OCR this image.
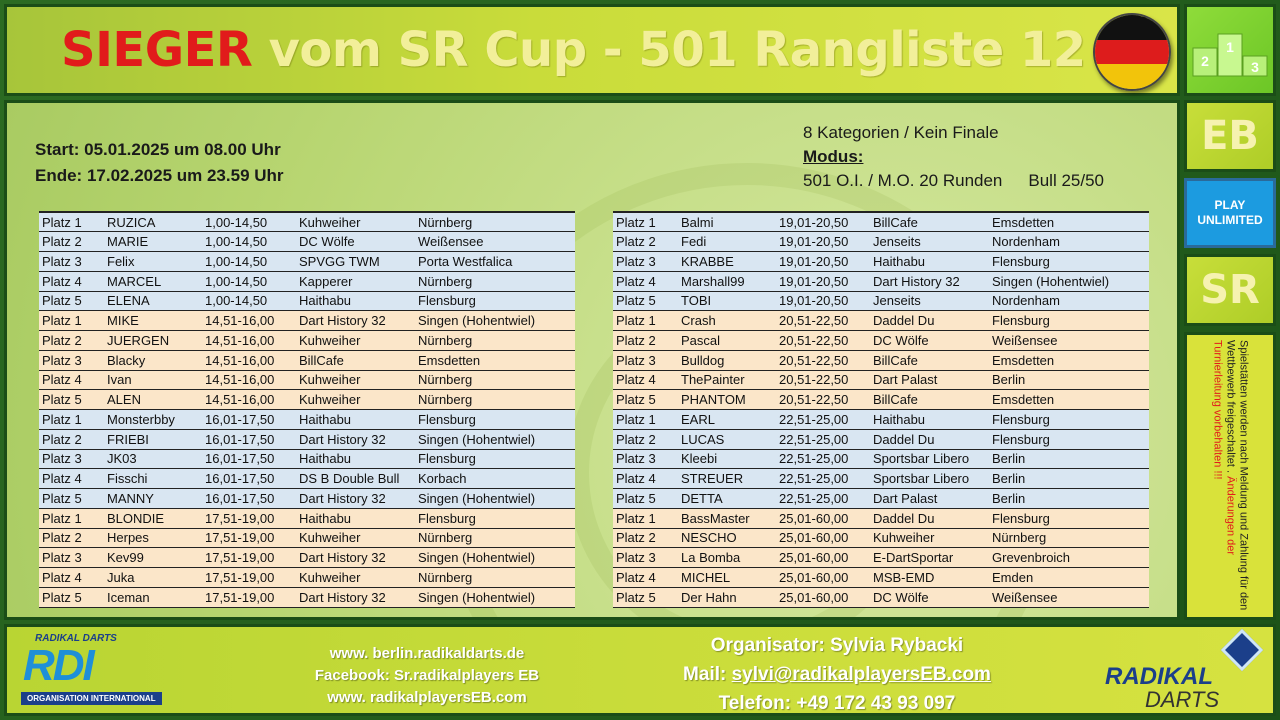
SIEGER vom SR Cup - 501 Rangliste 12	2
1
3
EB
PLAY
UNLIMITED
SR
Spielstätten werden nach Meldung und Zahlung für den Wettbewerb freigeschaltet . Änderungen der Turnierleitung vorbehalten !!!
Start: 05.01.2025 um 08.00 Uhr
Ende: 17.02.2025 um 23.59 Uhr
8 Kategorien / Kein Finale
Modus:
501 O.I. / M.O. 20 Runden Bull 25/50
Platz 1	RUZICA	1,00-14,50	Kuhweiher	Nürnberg
Platz 2	MARIE	1,00-14,50	DC Wölfe	Weißensee
Platz 3	Felix	1,00-14,50	SPVGG TWM	Porta Westfalica
Platz 4	MARCEL	1,00-14,50	Kapperer	Nürnberg
Platz 5	ELENA	1,00-14,50	Haithabu	Flensburg
Platz 1	MIKE	14,51-16,00	Dart History 32	Singen (Hohentwiel)
Platz 2	JUERGEN	14,51-16,00	Kuhweiher	Nürnberg
Platz 3	Blacky	14,51-16,00	BillCafe	Emsdetten
Platz 4	Ivan	14,51-16,00	Kuhweiher	Nürnberg
Platz 5	ALEN	14,51-16,00	Kuhweiher	Nürnberg
Platz 1	Monsterbby	16,01-17,50	Haithabu	Flensburg
Platz 2	FRIEBI	16,01-17,50	Dart History 32	Singen (Hohentwiel)
Platz 3	JK03	16,01-17,50	Haithabu	Flensburg
Platz 4	Fisschi	16,01-17,50	DS B Double Bull	Korbach
Platz 5	MANNY	16,01-17,50	Dart History 32	Singen (Hohentwiel)
Platz 1	BLONDIE	17,51-19,00	Haithabu	Flensburg
Platz 2	Herpes	17,51-19,00	Kuhweiher	Nürnberg
Platz 3	Kev99	17,51-19,00	Dart History 32	Singen (Hohentwiel)
Platz 4	Juka	17,51-19,00	Kuhweiher	Nürnberg
Platz 5	Iceman	17,51-19,00	Dart History 32	Singen (Hohentwiel)
Platz 1	Balmi	19,01-20,50	BillCafe	Emsdetten
Platz 2	Fedi	19,01-20,50	Jenseits	Nordenham
Platz 3	KRABBE	19,01-20,50	Haithabu	Flensburg
Platz 4	Marshall99	19,01-20,50	Dart History 32	Singen (Hohentwiel)
Platz 5	TOBI	19,01-20,50	Jenseits	Nordenham
Platz 1	Crash	20,51-22,50	Daddel Du	Flensburg
Platz 2	Pascal	20,51-22,50	DC Wölfe	Weißensee
Platz 3	Bulldog	20,51-22,50	BillCafe	Emsdetten
Platz 4	ThePainter	20,51-22,50	Dart Palast	Berlin
Platz 5	PHANTOM	20,51-22,50	BillCafe	Emsdetten
Platz 1	EARL	22,51-25,00	Haithabu	Flensburg
Platz 2	LUCAS	22,51-25,00	Daddel Du	Flensburg
Platz 3	Kleebi	22,51-25,00	Sportsbar Libero	Berlin
Platz 4	STREUER	22,51-25,00	Sportsbar Libero	Berlin
Platz 5	DETTA	22,51-25,00	Dart Palast	Berlin
Platz 1	BassMaster	25,01-60,00	Daddel Du	Flensburg
Platz 2	NESCHO	25,01-60,00	Kuhweiher	Nürnberg
Platz 3	La Bomba	25,01-60,00	E-DartSportar	Grevenbroich
Platz 4	MICHEL	25,01-60,00	MSB-EMD	Emden
Platz 5	Der Hahn	25,01-60,00	DC Wölfe	Weißensee
RADIKAL DARTS
RDI
ORGANISATION INTERNATIONAL
www. berlin.radikaldarts.de
Facebook: Sr.radikalplayers EB
www. radikalplayersEB.com
Organisator: Sylvia Rybacki
Mail: sylvi@radikalplayersEB.com
Telefon: +49 172 43 93 097
RADIKAL
DARTS
